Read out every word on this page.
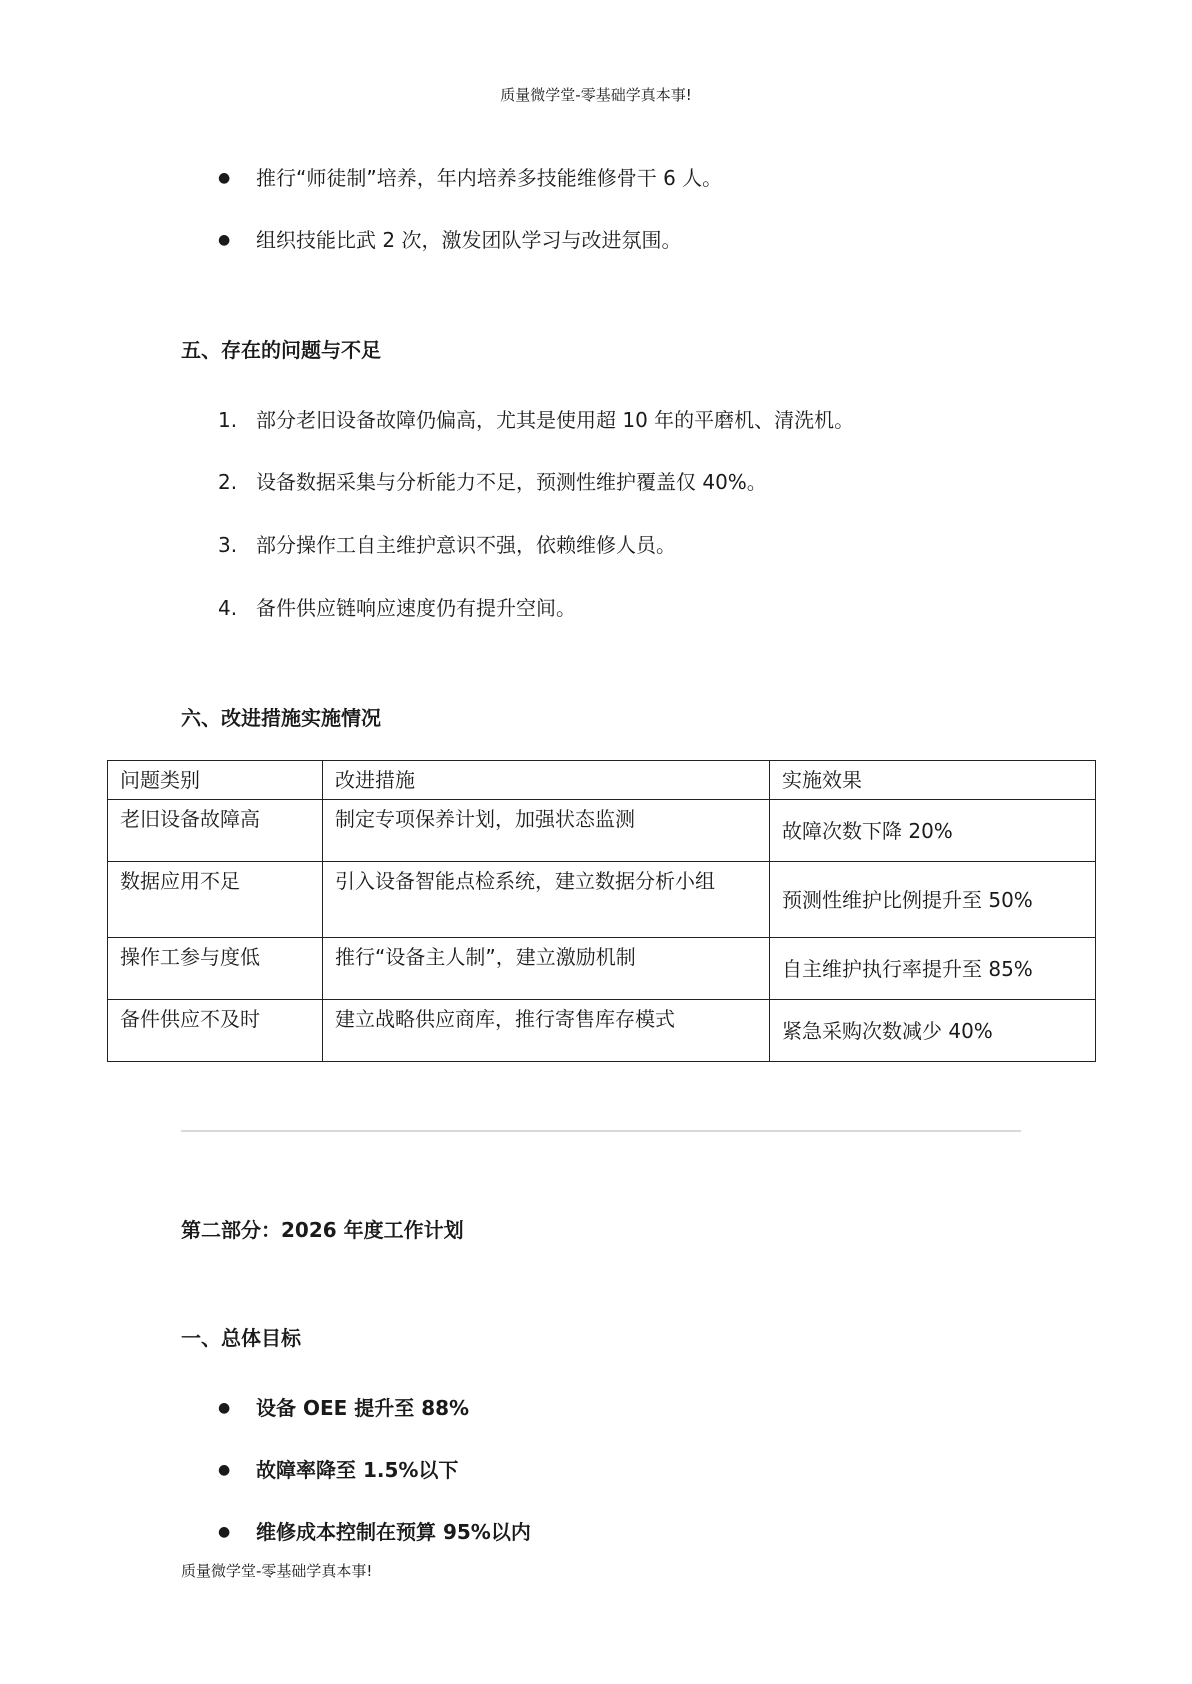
质量微学堂-零基础学真本事!
● 推行“师徒制”培养，年内培养多技能维修骨干 6 人。
● 组织技能比武 2 次，激发团队学习与改进氛围。
五、存在的问题与不足
1. 部分老旧设备故障仍偏高，尤其是使用超 10 年的平磨机、清洗机。
2. 设备数据采集与分析能力不足，预测性维护覆盖仅 40%。
3. 部分操作工自主维护意识不强，依赖维修人员。
4. 备件供应链响应速度仍有提升空间。
六、改进措施实施情况
问题类别	改进措施	实施效果
老旧设备故障高	制定专项保养计划，加强状态监测	故障次数下降 20%
数据应用不足	引入设备智能点检系统，建立数据分析小组	预测性维护比例提升至 50%
操作工参与度低	推行“设备主人制”，建立激励机制	自主维护执行率提升至 85%
备件供应不及时	建立战略供应商库，推行寄售库存模式	紧急采购次数减少 40%
第二部分：2026 年度工作计划
一、总体目标
● 设备 OEE 提升至 88%
● 故障率降至 1.5%以下
● 维修成本控制在预算 95%以内
质量微学堂-零基础学真本事!
